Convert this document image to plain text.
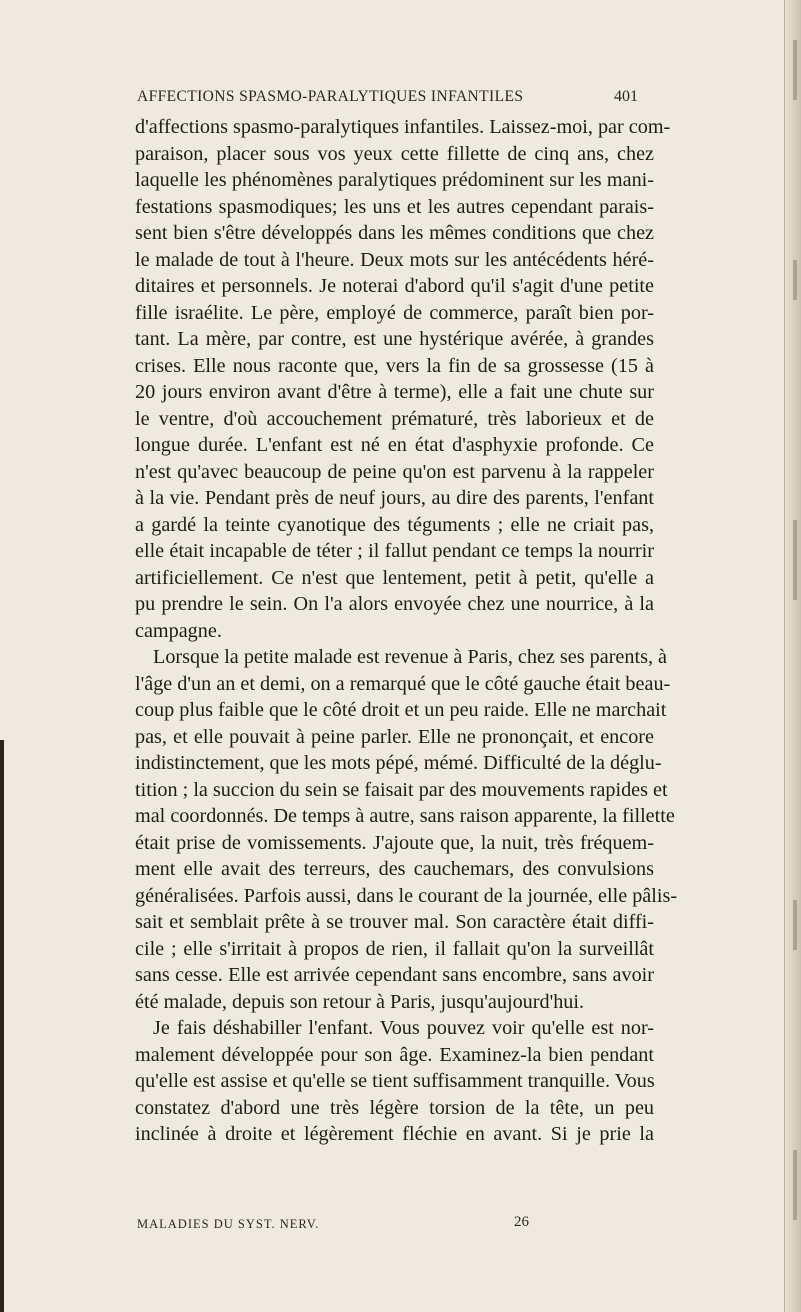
AFFECTIONS SPASMO-PARALYTIQUES INFANTILES	401
d'affections spasmo-paralytiques infantiles. Laissez-moi, par com-
paraison, placer sous vos yeux cette fillette de cinq ans, chez
laquelle les phénomènes paralytiques prédominent sur les mani-
festations spasmodiques; les uns et les autres cependant parais-
sent bien s'être développés dans les mêmes conditions que chez
le malade de tout à l'heure. Deux mots sur les antécédents héré-
ditaires et personnels. Je noterai d'abord qu'il s'agit d'une petite
fille israélite. Le père, employé de commerce, paraît bien por-
tant. La mère, par contre, est une hystérique avérée, à grandes
crises. Elle nous raconte que, vers la fin de sa grossesse (15 à
20 jours environ avant d'être à terme), elle a fait une chute sur
le ventre, d'où accouchement prématuré, très laborieux et de
longue durée. L'enfant est né en état d'asphyxie profonde. Ce
n'est qu'avec beaucoup de peine qu'on est parvenu à la rappeler
à la vie. Pendant près de neuf jours, au dire des parents, l'enfant
a gardé la teinte cyanotique des téguments ; elle ne criait pas,
elle était incapable de téter ; il fallut pendant ce temps la nourrir
artificiellement. Ce n'est que lentement, petit à petit, qu'elle a
pu prendre le sein. On l'a alors envoyée chez une nourrice, à la
campagne.
Lorsque la petite malade est revenue à Paris, chez ses parents, à
l'âge d'un an et demi, on a remarqué que le côté gauche était beau-
coup plus faible que le côté droit et un peu raide. Elle ne marchait
pas, et elle pouvait à peine parler. Elle ne prononçait, et encore
indistinctement, que les mots pépé, mémé. Difficulté de la déglu-
tition ; la succion du sein se faisait par des mouvements rapides et
mal coordonnés. De temps à autre, sans raison apparente, la fillette
était prise de vomissements. J'ajoute que, la nuit, très fréquem-
ment elle avait des terreurs, des cauchemars, des convulsions
généralisées. Parfois aussi, dans le courant de la journée, elle pâlis-
sait et semblait prête à se trouver mal. Son caractère était diffi-
cile ; elle s'irritait à propos de rien, il fallait qu'on la surveillât
sans cesse. Elle est arrivée cependant sans encombre, sans avoir
été malade, depuis son retour à Paris, jusqu'aujourd'hui.
Je fais déshabiller l'enfant. Vous pouvez voir qu'elle est nor-
malement développée pour son âge. Examinez-la bien pendant
qu'elle est assise et qu'elle se tient suffisamment tranquille. Vous
constatez d'abord une très légère torsion de la tête, un peu
inclinée à droite et légèrement fléchie en avant. Si je prie la
MALADIES DU SYST. NERV.	26
